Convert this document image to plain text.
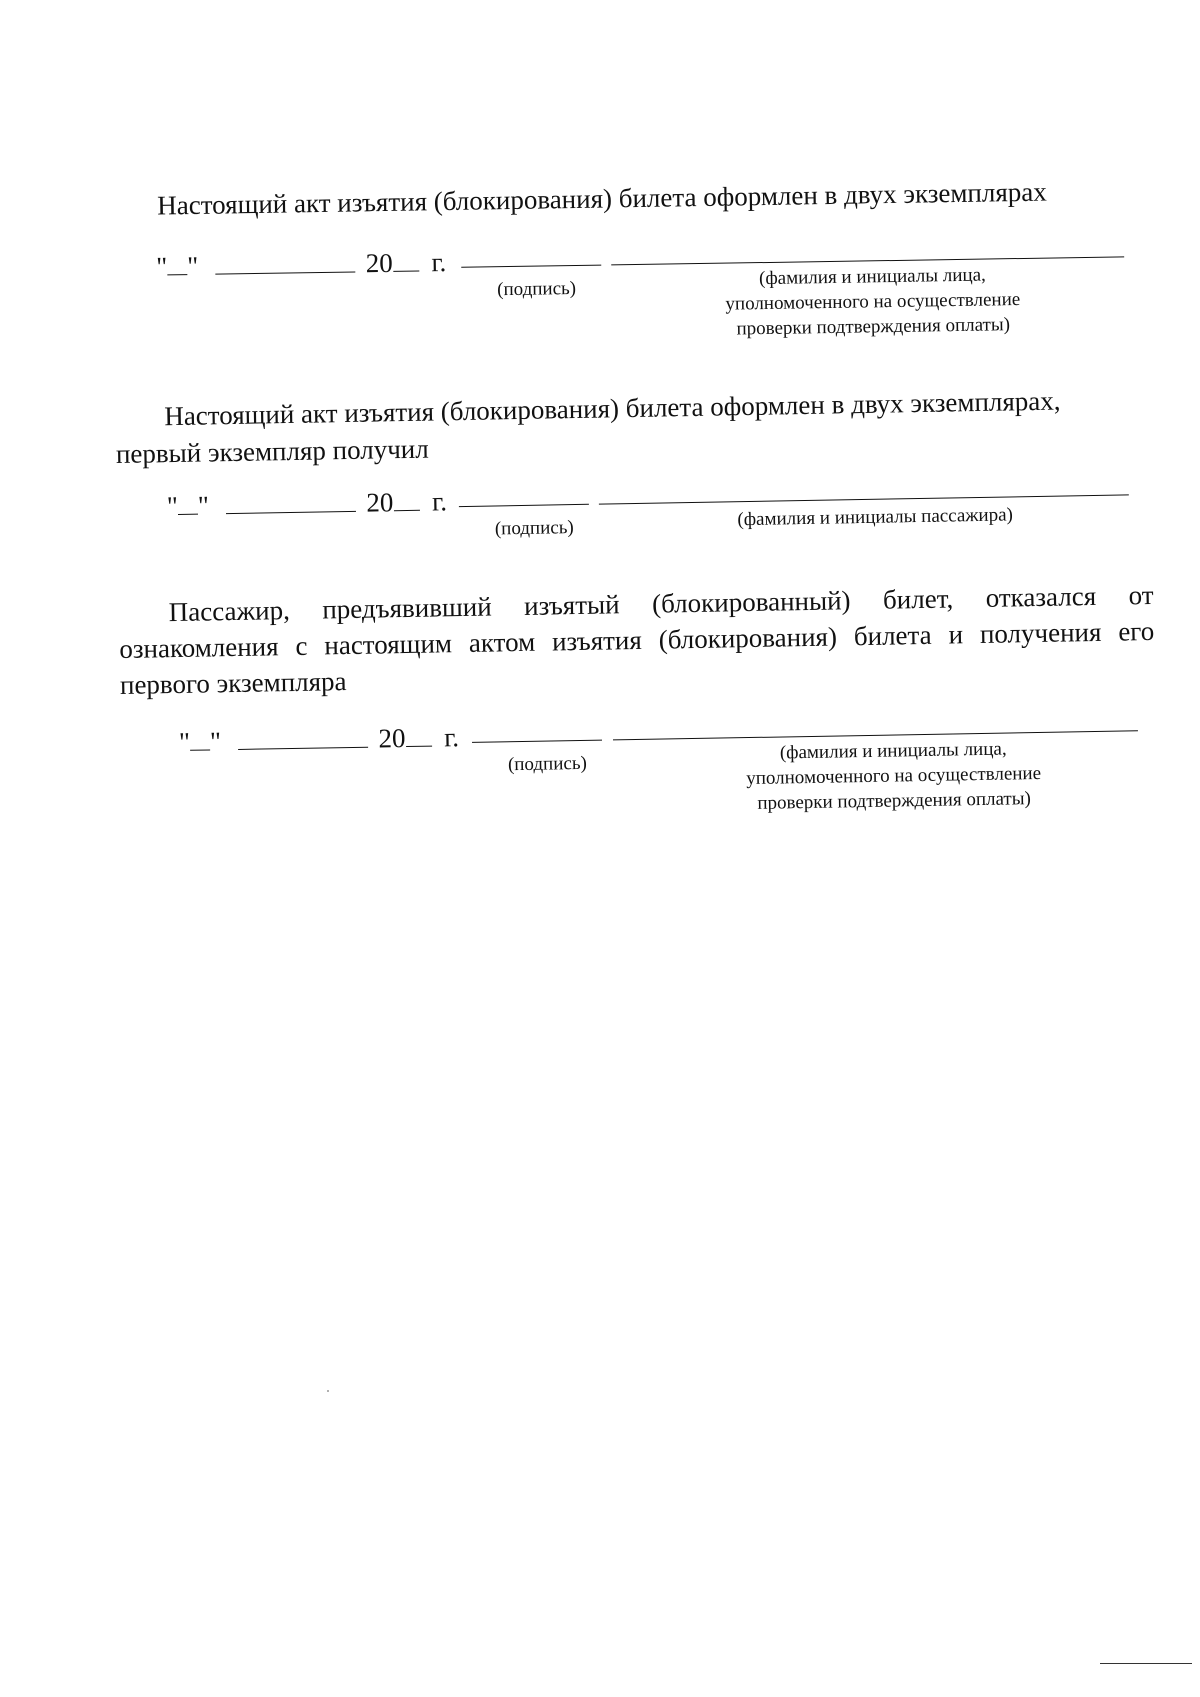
Настоящий акт изъятия (блокирования) билета оформлен в двух экземплярах
" "	20 г.
(подпись)	(фамилия и инициалы лица,
уполномоченного на осуществление
проверки подтверждения оплаты)
Настоящий акт изъятия (блокирования) билета оформлен в двух экземплярах,
первый экземпляр получил
" "	20 г.
(подпись)	(фамилия и инициалы пассажира)
Пассажир, предъявивший изъятый (блокированный) билет, отказался от
ознакомления с настоящим актом изъятия (блокирования) билета и получения его
первого экземпляра
" "	20 г.
(подпись)
(фамилия и инициалы лица,
уполномоченного на осуществление
проверки подтверждения оплаты)
